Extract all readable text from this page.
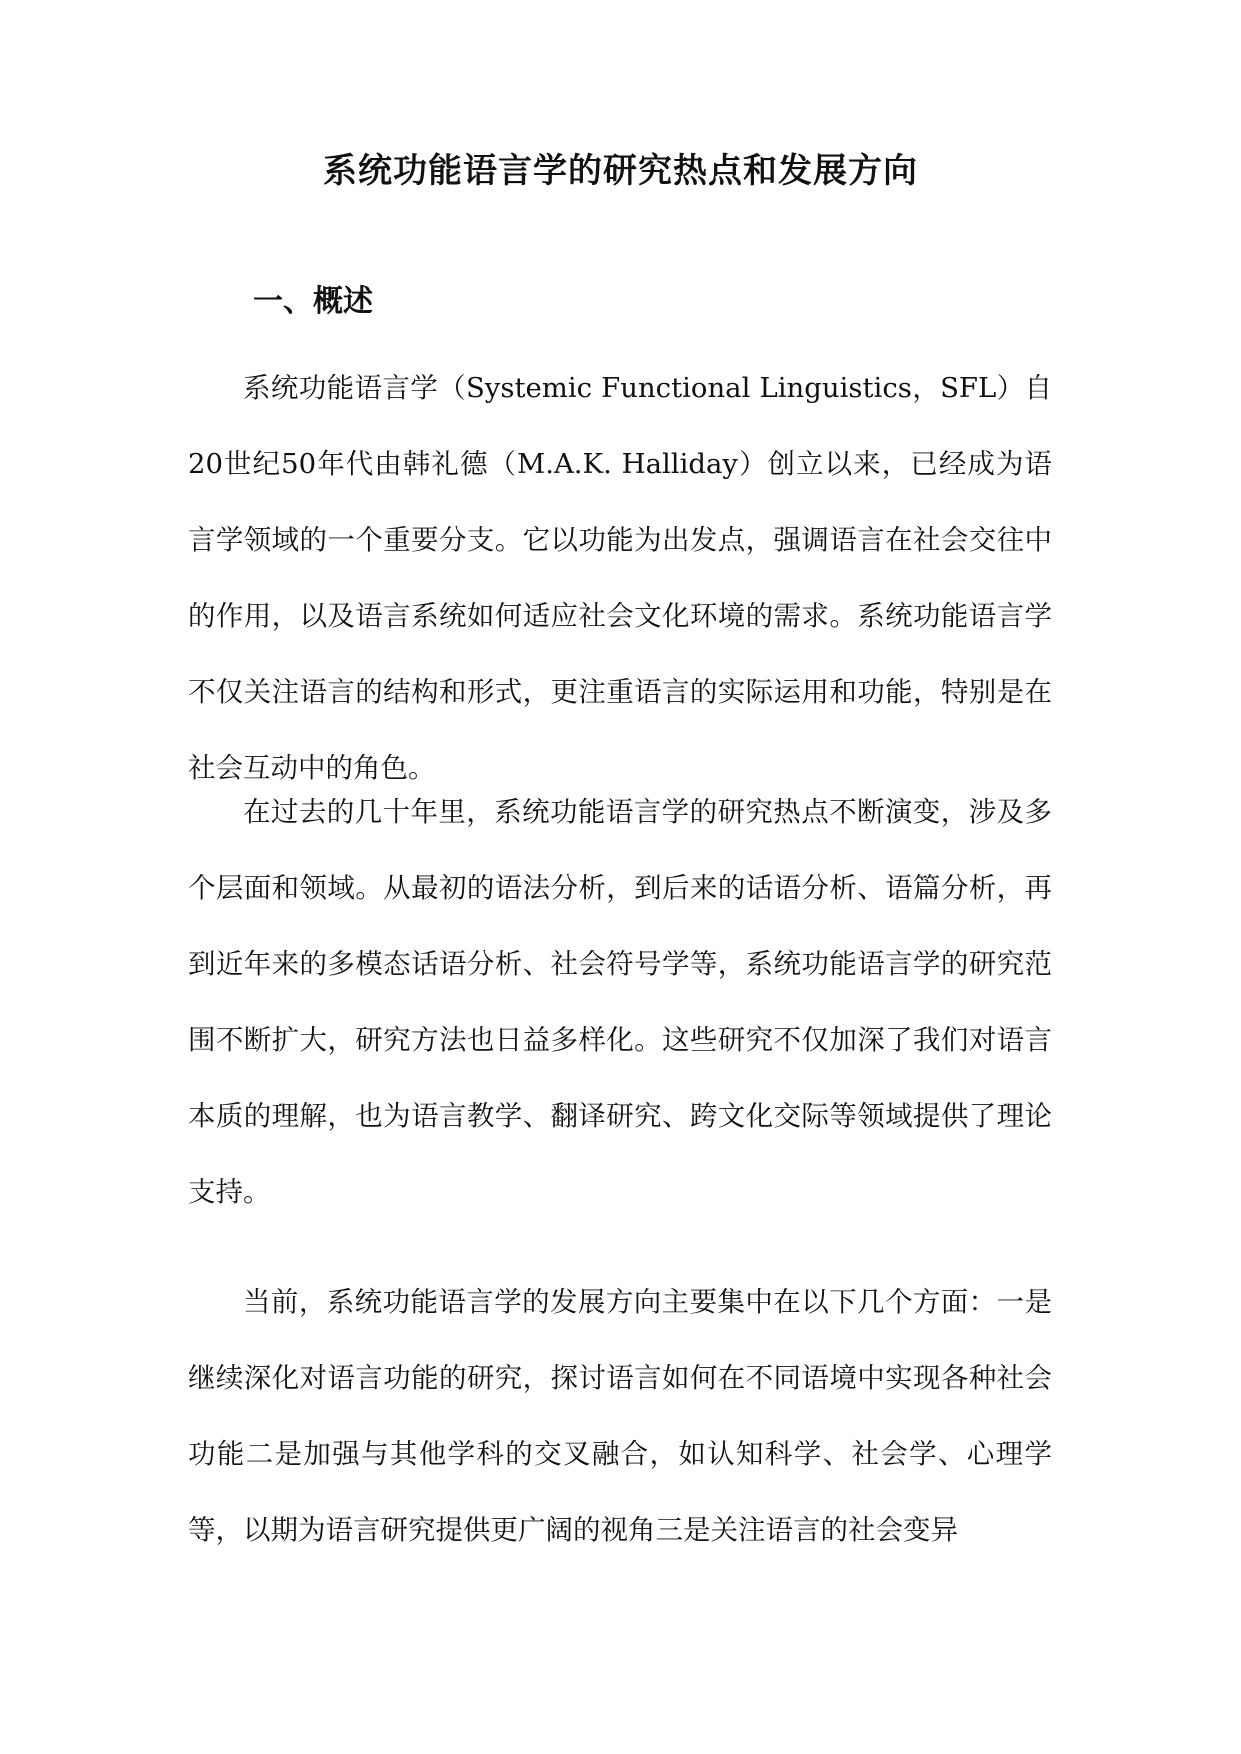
系统功能语言学的研究热点和发展方向
一、概述

系统功能语言学（Systemic Functional Linguistics，SFL）自20世纪50年代由韩礼德（M.A.K. Halliday）创立以来，已经成为语言学领域的一个重要分支。它以功能为出发点，强调语言在社会交往中的作用，以及语言系统如何适应社会文化环境的需求。系统功能语言学不仅关注语言的结构和形式，更注重语言的实际运用和功能，特别是在社会互动中的角色。

在过去的几十年里，系统功能语言学的研究热点不断演变，涉及多个层面和领域。从最初的语法分析，到后来的话语分析、语篇分析，再到近年来的多模态话语分析、社会符号学等，系统功能语言学的研究范围不断扩大，研究方法也日益多样化。这些研究不仅加深了我们对语言本质的理解，也为语言教学、翻译研究、跨文化交际等领域提供了理论支持。

当前，系统功能语言学的发展方向主要集中在以下几个方面：一是继续深化对语言功能的研究，探讨语言如何在不同语境中实现各种社会功能二是加强与其他学科的交叉融合，如认知科学、社会学、心理学等，以期为语言研究提供更广阔的视角三是关注语言的社会变异
